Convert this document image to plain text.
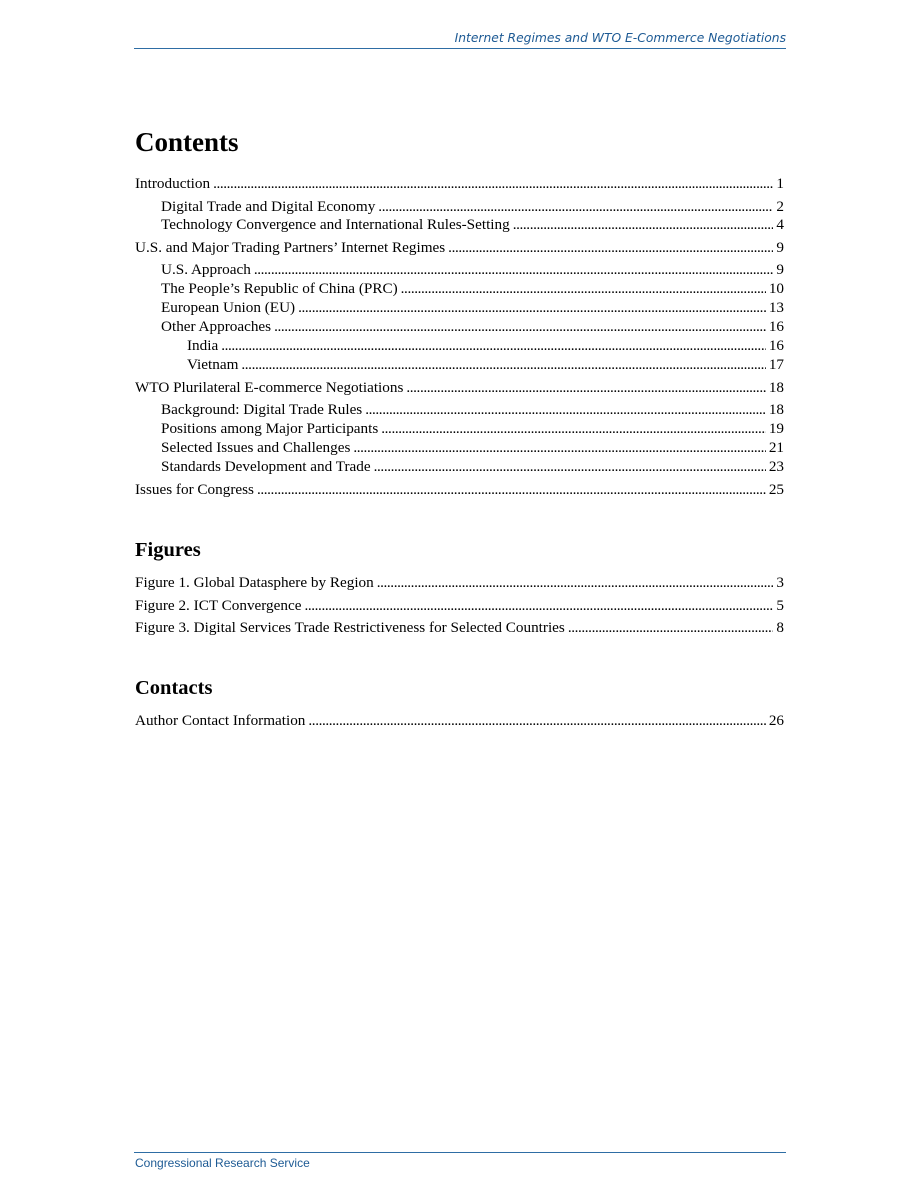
Internet Regimes and WTO E-Commerce Negotiations
Contents
Introduction . . .	1
Digital Trade and Digital Economy . . .	2
Technology Convergence and International Rules-Setting . . .	4
U.S. and Major Trading Partners’ Internet Regimes . . .	9
U.S. Approach . . .	9
The People’s Republic of China (PRC) . . .	10
European Union (EU) . . .	13
Other Approaches . . .	16
India . . .	16
Vietnam . . .	17
WTO Plurilateral E-commerce Negotiations . . .	18
Background: Digital Trade Rules . . .	18
Positions among Major Participants . . .	19
Selected Issues and Challenges . . .	21
Standards Development and Trade . . .	23
Issues for Congress . . .	25
Figures
Figure 1. Global Datasphere by Region . . .	3
Figure 2. ICT Convergence . . .	5
Figure 3. Digital Services Trade Restrictiveness for Selected Countries . . .	8
Contacts
Author Contact Information . . .	26
Congressional Research Service
